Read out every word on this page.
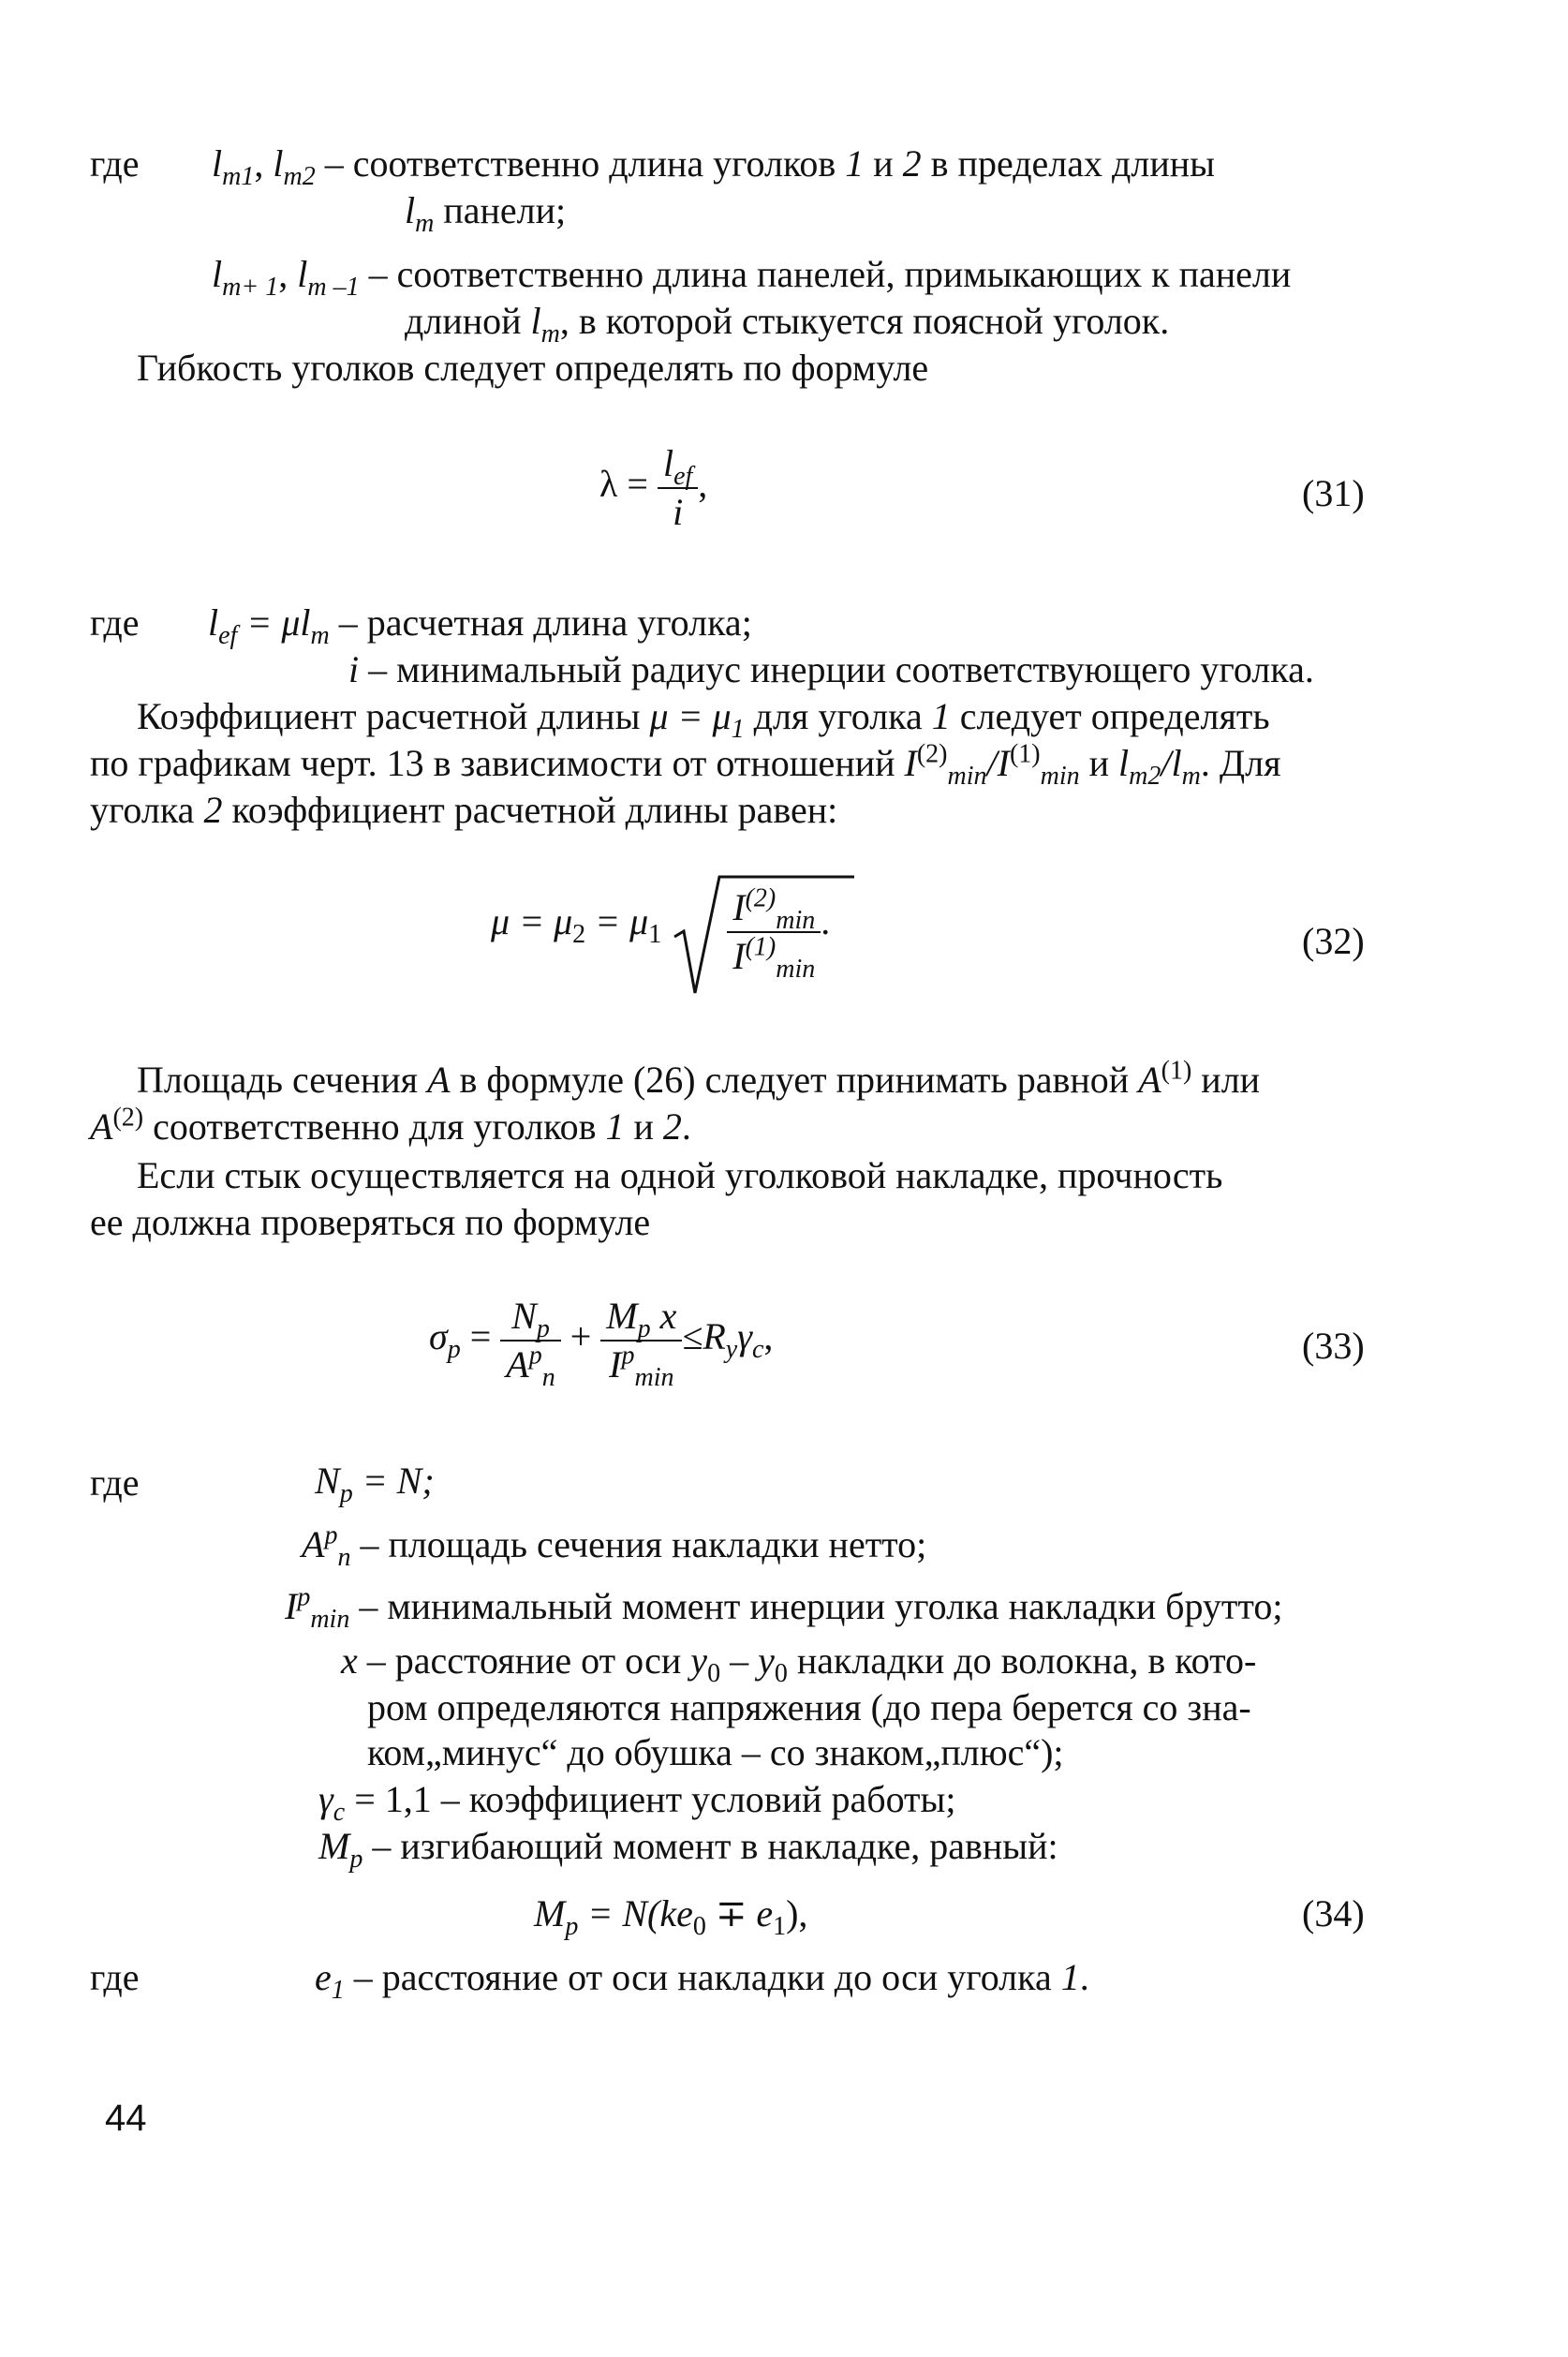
где $l_{m1}$, $l_{m2}$ – соответственно длина уголков 1 и 2 в пределах длины
$l_m$ панели;
$l_{m+ 1}$, $l_{m -1}$ – соответственно длина панелей, примыкающих к панели
длиной $l_m$, в которой стыкуется поясной уголок.
Гибкость уголков следует определять по формуле
$\lambda = \frac{l_{ef}}{i}$ ,	(31)
где $l_{ef} = \mu l_m$ – расчетная длина уголка;
i – минимальный радиус инерции соответствующего уголка.
Коэффициент расчетной длины $\mu = \mu_1$ для уголка 1 следует определять
по графикам черт. 13 в зависимости от отношений $I^{(2)}_{min}/I^{(1)}_{min}$ и $l_{m2}/l_m$. Для
уголка 2 коэффициент расчетной длины равен:
$\mu = \mu_2 = \mu_1 \frac{I^{(2)}_{min}}{I^{(1)}_{min}}$ .	(32)
Площадь сечения A в формуле (26) следует принимать равной $A^{(1)}$ или
$A^{(2)}$ соответственно для уголков 1 и 2.
Если стык осуществляется на одной уголковой накладке, прочность
ее должна проверяться по формуле
$\sigma_p = \frac{N_p}{A^p_n} + \frac{M_p x}{I^p_{min}} \le R_y\gamma_c$,	(33)
где	$N_p = N$;
$A^p_n$ – площадь сечения накладки нетто;
$I^p_{min}$ – минимальный момент инерции уголка накладки брутто;
x – расстояние от оси $y_0 - y_0$ накладки до волокна, в кото-
ром определяются напряжения (до пера берется со зна-
ком„минус“ до обушка – со знаком„плюс“);
$\gamma_c = 1,1$ – коэффициент условий работы;
$M_p$ – изгибающий момент в накладке, равный:
$M_p = N(ke_0 \mp e_1)$,	(34)
где	$e_1$ – расстояние от оси накладки до оси уголка 1.
44
